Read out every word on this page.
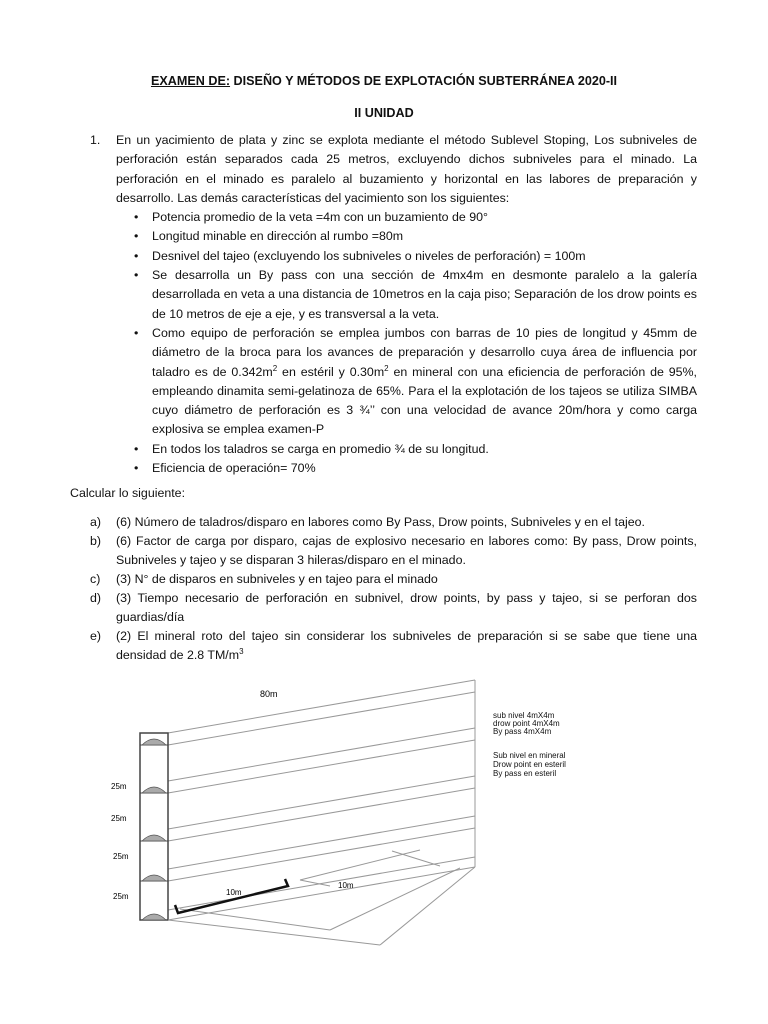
EXAMEN DE: DISEÑO Y MÉTODOS DE EXPLOTACIÓN SUBTERRÁNEA 2020-II
II UNIDAD
1. En un yacimiento de plata y zinc se explota mediante el método Sublevel Stoping, Los subniveles de perforación están separados cada 25 metros, excluyendo dichos subniveles para el minado. La perforación en el minado es paralelo al buzamiento y horizontal en las labores de preparación y desarrollo. Las demás características del yacimiento son los siguientes:
• Potencia promedio de la veta =4m con un buzamiento de 90°
• Longitud minable en dirección al rumbo =80m
• Desnivel del tajeo (excluyendo los subniveles o niveles de perforación) = 100m
• Se desarrolla un By pass con una sección de 4mx4m en desmonte paralelo a la galería desarrollada en veta a una distancia de 10metros en la caja piso; Separación de los drow points es de 10 metros de eje a eje, y es transversal a la veta.
• Como equipo de perforación se emplea jumbos con barras de 10 pies de longitud y 45mm de diámetro de la broca para los avances de preparación y desarrollo cuya área de influencia por taladro es de $0.342m^2$ en estéril y $0.30m^2$ en mineral con una eficiencia de perforación de 95%, empleando dinamita semi-gelatinoza de 65%. Para el la explotación de los tajeos se utiliza SIMBA cuyo diámetro de perforación es 3 ¾’’ con una velocidad de avance 20m/hora y como carga explosiva se emplea examen-P
• En todos los taladros se carga en promedio ¾ de su longitud.
• Eficiencia de operación= 70%
Calcular lo siguiente:
a) (6) Número de taladros/disparo en labores como By Pass, Drow points, Subniveles y en el tajeo.
b) (6) Factor de carga por disparo, cajas de explosivo necesario en labores como: By pass, Drow points, Subniveles y tajeo y se disparan 3 hileras/disparo en el minado.
c) (3) N° de disparos en subniveles y en tajeo para el minado
d) (3) Tiempo necesario de perforación en subnivel, drow points, by pass y tajeo, si se perforan dos guardias/día
e) (2) El mineral roto del tajeo sin considerar los subniveles de preparación si se sabe que tiene una densidad de 2.8 $TM/m^3$
80m
25m
25m
25m
25m	10m
10m
sub nivel 4mX4m
drow point 4mX4m
By pass 4mX4m
Sub nivel en mineral
Drow point en esteril
By pass en esteril
